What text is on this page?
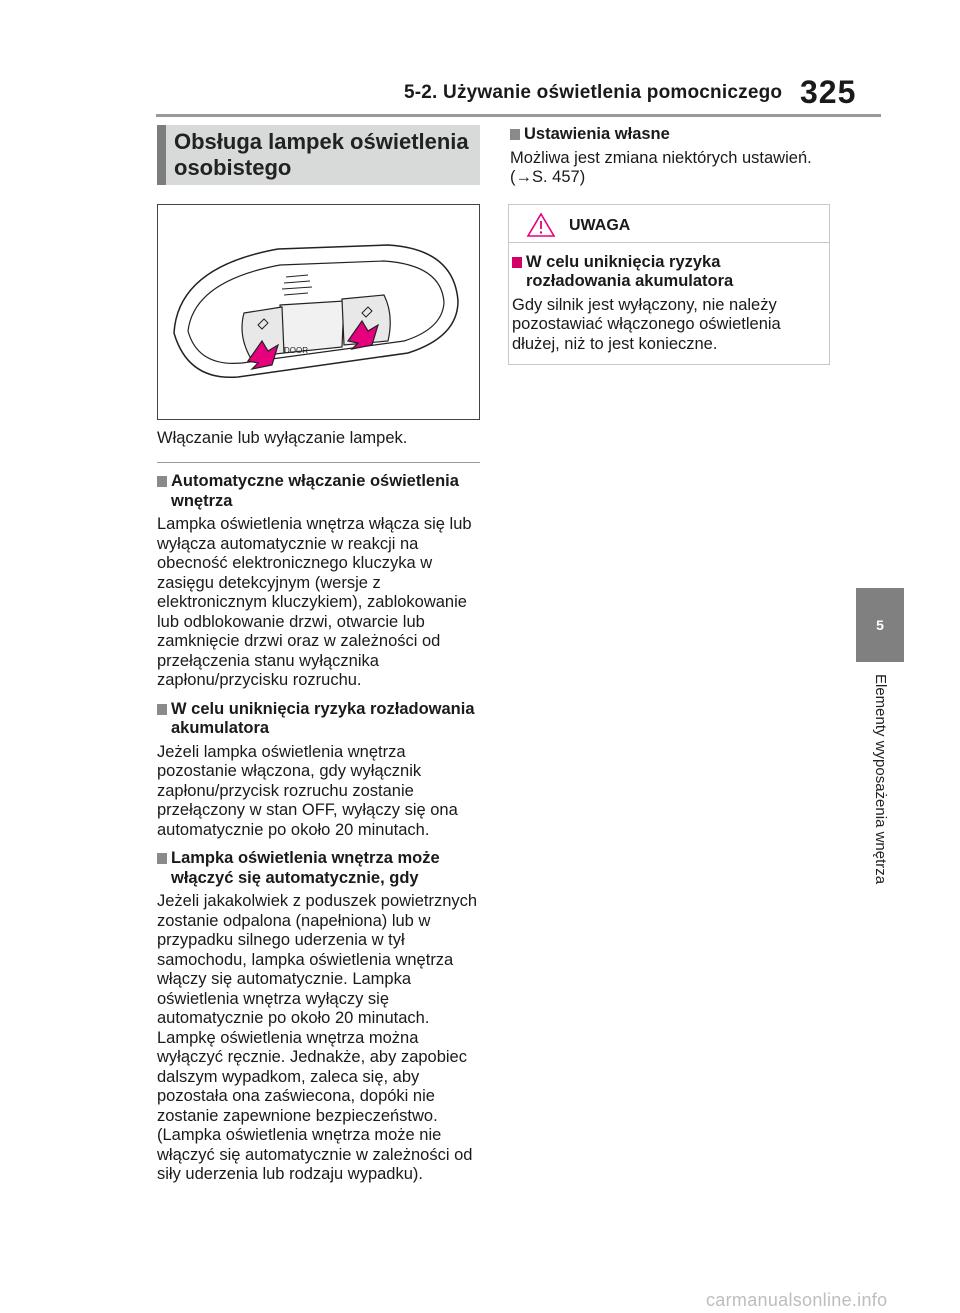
5-2. Używanie oświetlenia pomocniczego 325
Obsługa lampek oświetlenia osobistego
DOOR
Włączanie lub wyłączanie lampek.
Automatyczne włączanie oświetlenia wnętrza
Lampka oświetlenia wnętrza włącza się lub wyłącza automatycznie w reakcji na obecność elektronicznego kluczyka w zasięgu detekcyjnym (wersje z elektronicznym kluczykiem), zablokowanie lub odblokowanie drzwi, otwarcie lub zamknięcie drzwi oraz w zależności od przełączenia stanu wyłącznika zapłonu/przycisku rozruchu.
W celu uniknięcia ryzyka rozładowania akumulatora
Jeżeli lampka oświetlenia wnętrza pozostanie włączona, gdy wyłącznik zapłonu/przycisk rozruchu zostanie przełączony w stan OFF, wyłączy się ona automatycznie po około 20 minutach.
Lampka oświetlenia wnętrza może włączyć się automatycznie, gdy
Jeżeli jakakolwiek z poduszek powietrznych zostanie odpalona (napełniona) lub w przypadku silnego uderzenia w tył samochodu, lampka oświetlenia wnętrza włączy się automatycznie. Lampka oświetlenia wnętrza wyłączy się automatycznie po około 20 minutach. Lampkę oświetlenia wnętrza można wyłączyć ręcznie. Jednakże, aby zapobiec dalszym wypadkom, zaleca się, aby pozostała ona zaświecona, dopóki nie zostanie zapewnione bezpieczeństwo. (Lampka oświetlenia wnętrza może nie włączyć się automatycznie w zależności od siły uderzenia lub rodzaju wypadku).
Ustawienia własne
Możliwa jest zmiana niektórych ustawień. (→S. 457)
UWAGA
W celu uniknięcia ryzyka rozładowania akumulatora
Gdy silnik jest wyłączony, nie należy pozostawiać włączonego oświetlenia dłużej, niż to jest konieczne.
5
Elementy wyposażenia wnętrza
carmanualsonline.info
